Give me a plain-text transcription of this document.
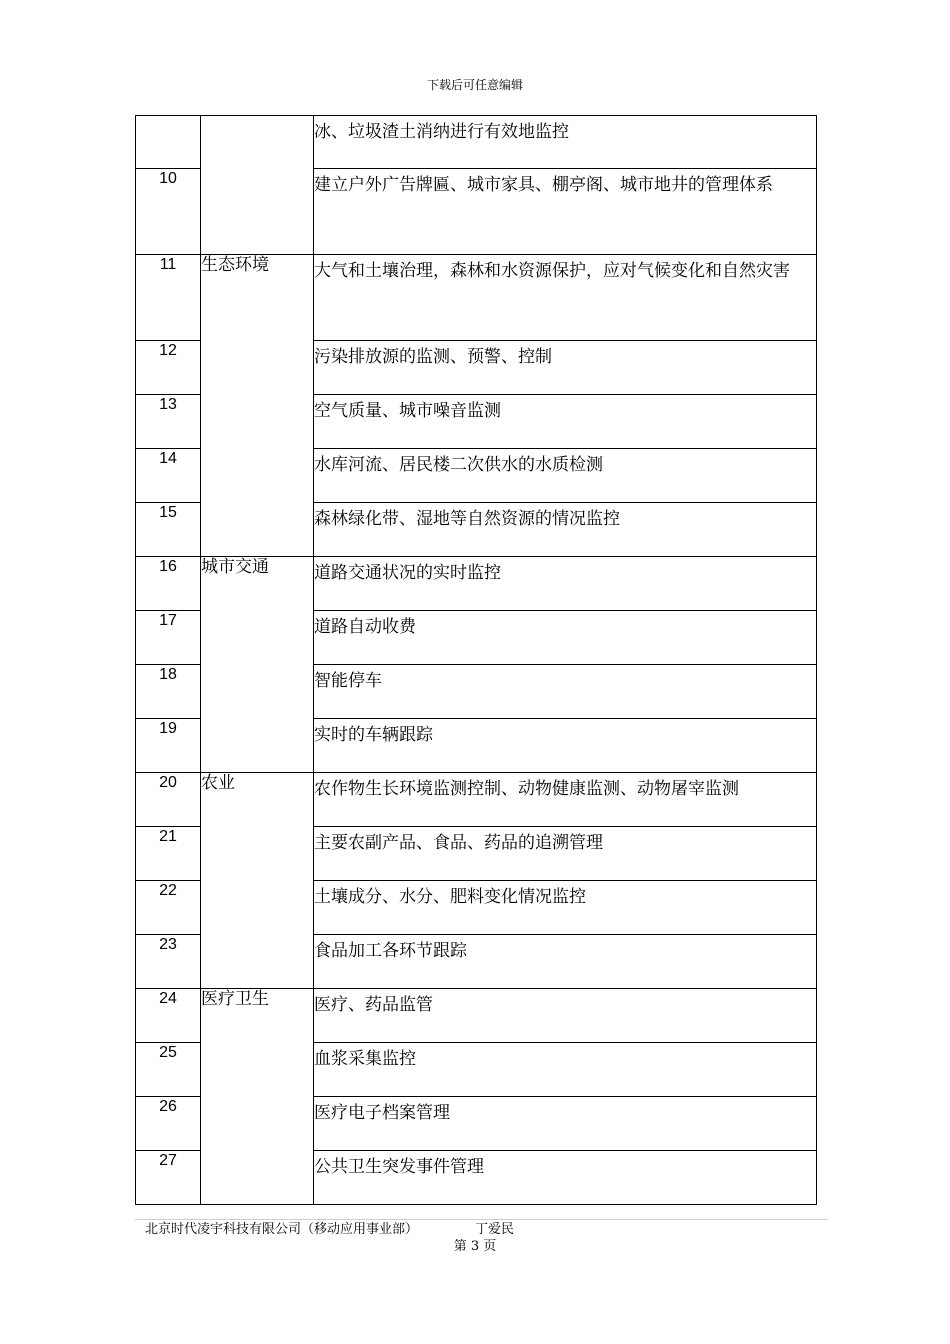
下载后可任意编辑
		冰、垃圾渣土消纳进行有效地监控
10		建立户外广告牌匾、城市家具、棚亭阁、城市地井的管理体系
11	生态环境	大气和土壤治理，森林和水资源保护，应对气候变化和自然灾害
12		污染排放源的监测、预警、控制
13		空气质量、城市噪音监测
14		水库河流、居民楼二次供水的水质检测
15		森林绿化带、湿地等自然资源的情况监控
16	城市交通	道路交通状况的实时监控
17		道路自动收费
18		智能停车
19		实时的车辆跟踪
20	农业	农作物生长环境监测控制、动物健康监测、动物屠宰监测
21		主要农副产品、食品、药品的追溯管理
22		土壤成分、水分、肥料变化情况监控
23		食品加工各环节跟踪
24	医疗卫生	医疗、药品监管
25		血浆采集监控
26		医疗电子档案管理
27		公共卫生突发事件管理
北京时代凌宇科技有限公司（移动应用事业部）	丁爱民
第 3 页
